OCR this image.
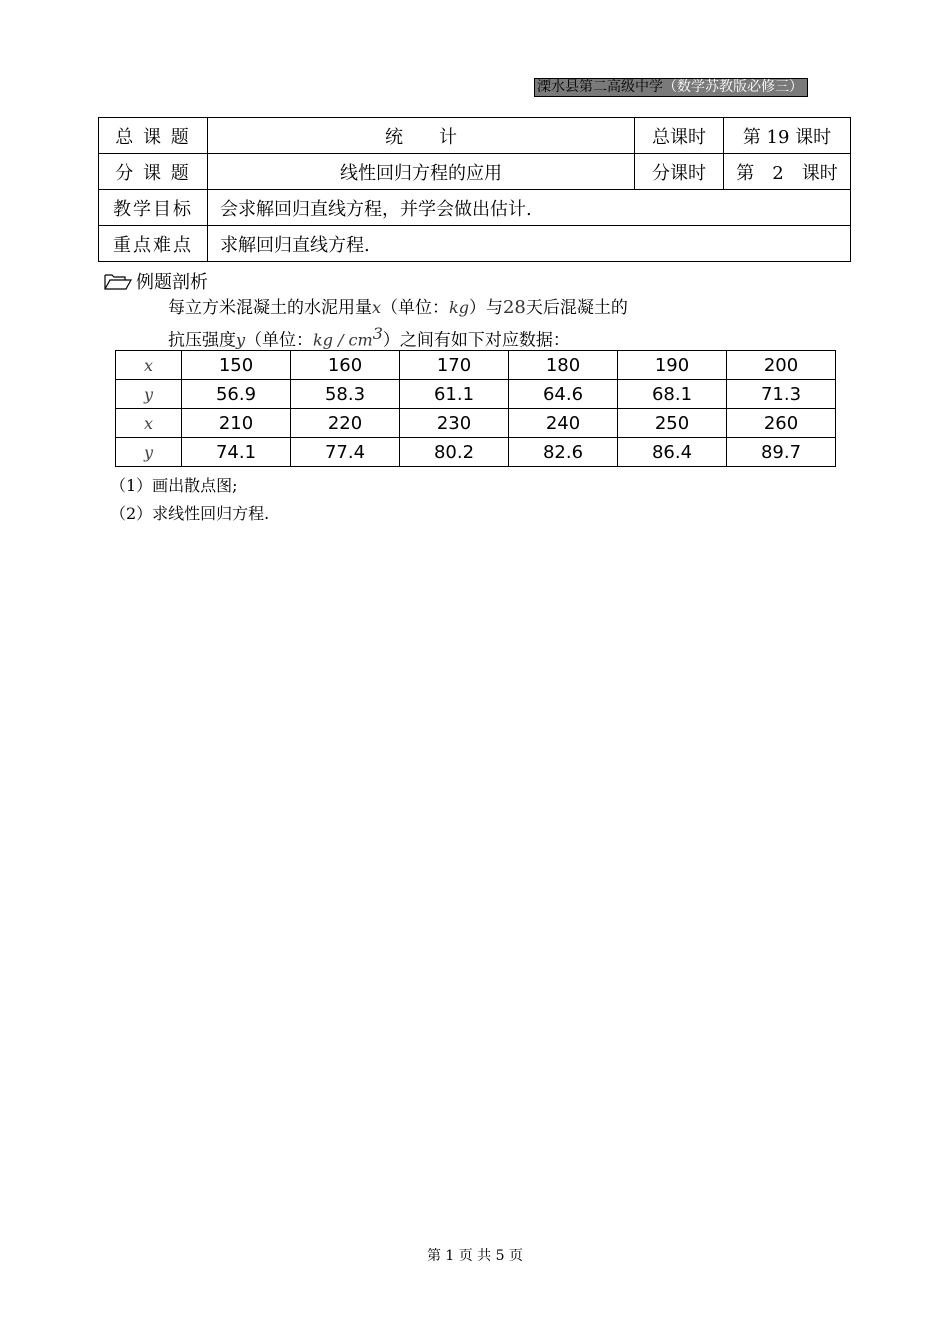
溧水县第二高级中学（数学苏教版必修三）
总 课 题	统　　计	总课时	第 19 课时
分 课 题	线性回归方程的应用	分课时	第　2　课时
教学目标	会求解回归直线方程，并学会做出估计.		
重点难点	求解回归直线方程.		
例题剖析
每立方米混凝土的水泥用量x（单位：kg）与28天后混凝土的
抗压强度y（单位：kg / $cm^3$）之间有如下对应数据：
x	150	160	170	180	190	200
y	56.9	58.3	61.1	64.6	68.1	71.3
x	210	220	230	240	250	260
y	74.1	77.4	80.2	82.6	86.4	89.7
（1）画出散点图;
（2）求线性回归方程.
第 1 页 共 5 页
